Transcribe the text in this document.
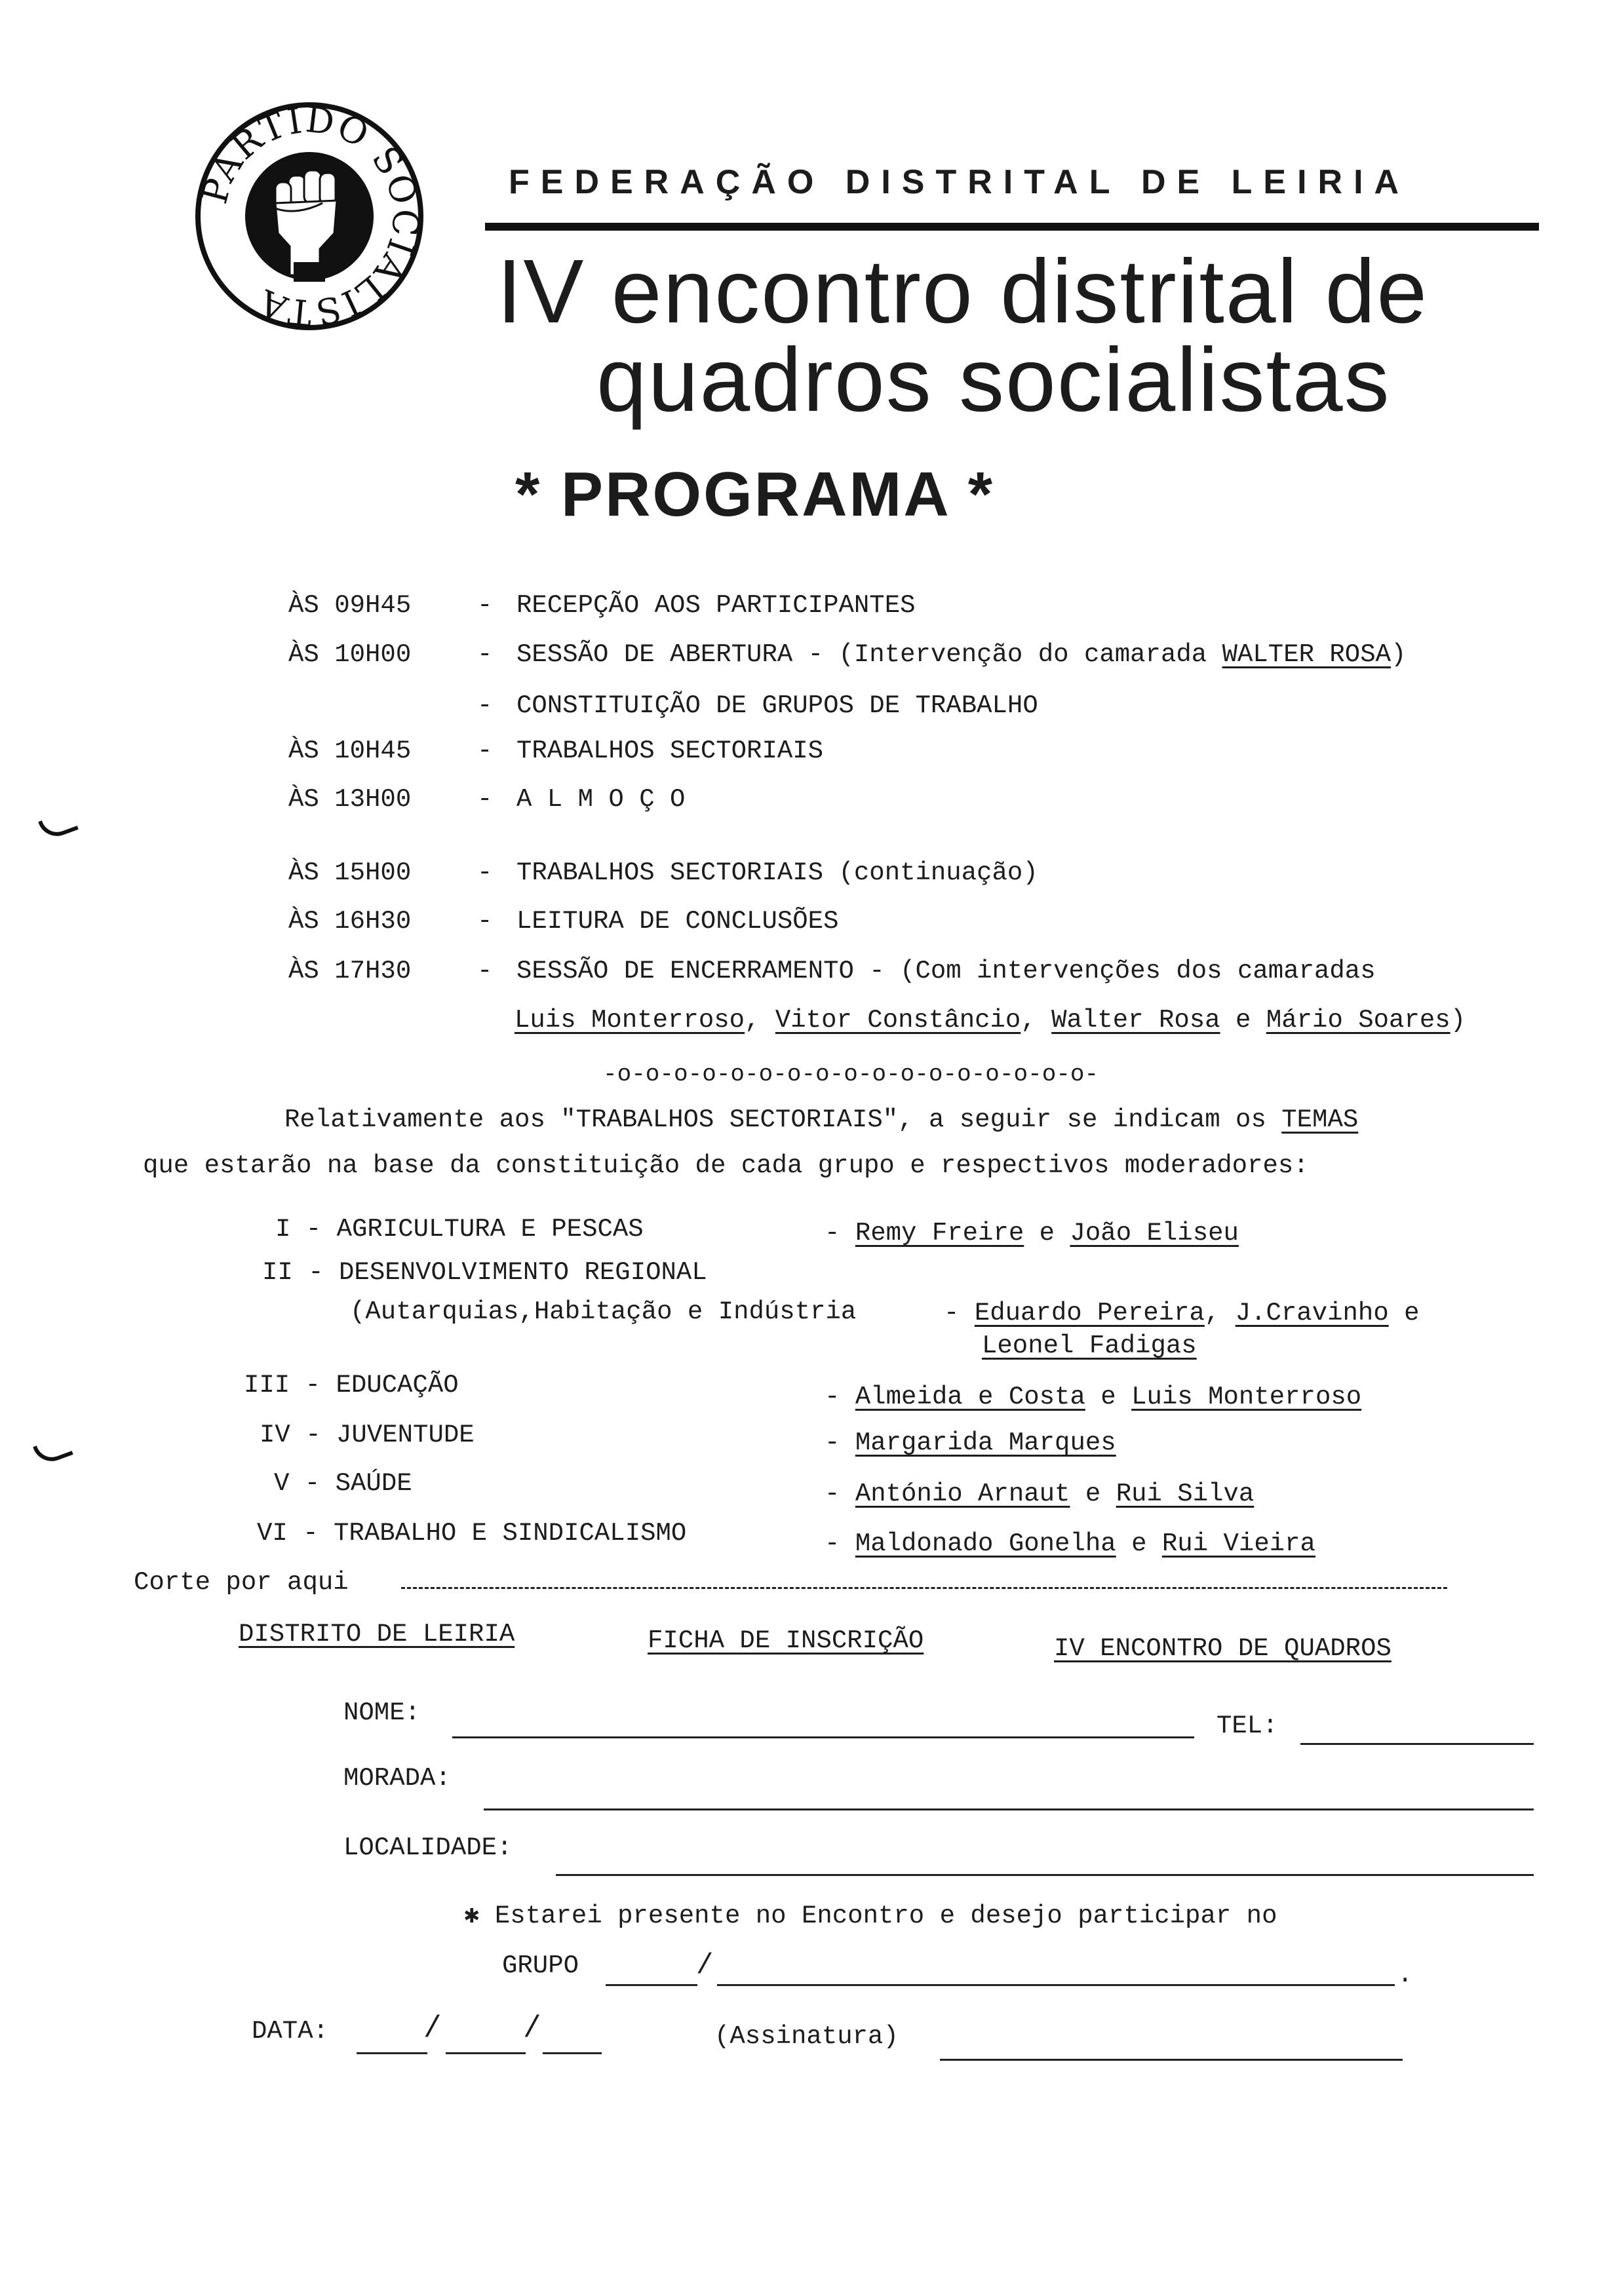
PARTIDO SOCIALISTA
FEDERAÇÃO DISTRITAL DE LEIRIA
IV encontro distrital de
quadros socialistas
* PROGRAMA *
ÀS 09H45	- RECEPÇÃO AOS PARTICIPANTES
ÀS 10H00	- SESSÃO DE ABERTURA - (Intervenção do camarada WALTER ROSA)
- CONSTITUIÇÃO DE GRUPOS DE TRABALHO
ÀS 10H45	- TRABALHOS SECTORIAIS
ÀS 13H00	- A L M O Ç O
ÀS 15H00	- TRABALHOS SECTORIAIS (continuação)
ÀS 16H30	- LEITURA DE CONCLUSÕES
ÀS 17H30	- SESSÃO DE ENCERRAMENTO - (Com intervenções dos camaradas
Luis Monterroso, Vitor Constâncio, Walter Rosa e Mário Soares)
-o-o-o-o-o-o-o-o-o-o-o-o-o-o-o-o-o-
Relativamente aos "TRABALHOS SECTORIAIS", a seguir se indicam os TEMAS
que estarão na base da constituição de cada grupo e respectivos moderadores:
I - AGRICULTURA E PESCAS	- Remy Freire e João Eliseu
II - DESENVOLVIMENTO REGIONAL
(Autarquias,Habitação e Indústria	- Eduardo Pereira, J.Cravinho e
Leonel Fadigas
III - EDUCAÇÃO	- Almeida e Costa e Luis Monterroso
IV - JUVENTUDE	- Margarida Marques
V - SAÚDE	- António Arnaut e Rui Silva
VI - TRABALHO E SINDICALISMO	- Maldonado Gonelha e Rui Vieira
Corte por aqui
DISTRITO DE LEIRIA	FICHA DE INSCRIÇÃO	IV ENCONTRO DE QUADROS
NOME:	TEL:
MORADA:
LOCALIDADE:
✱ Estarei presente no Encontro e desejo participar no
GRUPO	/	.
DATA:	/	/	(Assinatura)
